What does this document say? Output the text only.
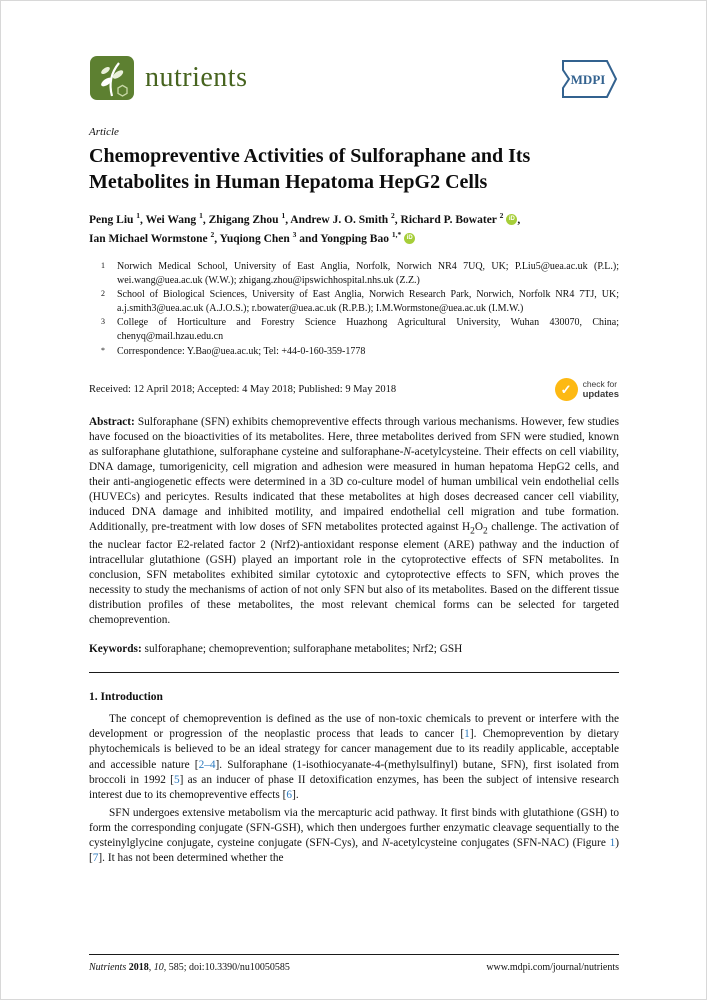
nutrients	MDPI
Article
Chemopreventive Activities of Sulforaphane and Its
Metabolites in Human Hepatoma HepG2 Cells
Peng Liu $^1$, Wei Wang $^1$, Zhigang Zhou $^1$, Andrew J. O. Smith $^2$, Richard P. Bowater $^2$ iD ,
Ian Michael Wormstone $^2$, Yuqiong Chen $^3$ and Yongping Bao $^{1,*}$ iD
1	Norwich Medical School, University of East Anglia, Norfolk, Norwich NR4 7UQ, UK; P.Liu5@uea.ac.uk (P.L.); wei.wang@uea.ac.uk (W.W.); zhigang.zhou@ipswichhospital.nhs.uk (Z.Z.)
2	School of Biological Sciences, University of East Anglia, Norwich Research Park, Norwich, Norfolk NR4 7TJ, UK; a.j.smith3@uea.ac.uk (A.J.O.S.); r.bowater@uea.ac.uk (R.P.B.); I.M.Wormstone@uea.ac.uk (I.M.W.)
3	College of Horticulture and Forestry Science Huazhong Agricultural University, Wuhan 430070, China; chenyq@mail.hzau.edu.cn
*	Correspondence: Y.Bao@uea.ac.uk; Tel: +44-0-160-359-1778
Received: 12 April 2018; Accepted: 4 May 2018; Published: 9 May 2018	✓ check for
updates

Abstract: Sulforaphane (SFN) exhibits chemopreventive effects through various mechanisms. However, few studies have focused on the bioactivities of its metabolites. Here, three metabolites derived from SFN were studied, known as sulforaphane glutathione, sulforaphane cysteine and sulforaphane-N-acetylcysteine. Their effects on cell viability, DNA damage, tumorigenicity, cell migration and adhesion were measured in human hepatoma HepG2 cells, and their anti-angiogenetic effects were determined in a 3D co-culture model of human umbilical vein endothelial cells (HUVECs) and pericytes. Results indicated that these metabolites at high doses decreased cancer cell viability, induced DNA damage and inhibited motility, and impaired endothelial cell migration and tube formation. Additionally, pre-treatment with low doses of SFN metabolites protected against $H_2O_2$ challenge. The activation of the nuclear factor E2-related factor 2 (Nrf2)-antioxidant response element (ARE) pathway and the induction of intracellular glutathione (GSH) played an important role in the cytoprotective effects of SFN metabolites. In conclusion, SFN metabolites exhibited similar cytotoxic and cytoprotective effects to SFN, which proves the necessity to study the mechanisms of action of not only SFN but also of its metabolites. Based on the different tissue distribution profiles of these metabolites, the most relevant chemical forms can be selected for targeted chemoprevention.

Keywords: sulforaphane; chemoprevention; sulforaphane metabolites; Nrf2; GSH

1. Introduction

The concept of chemoprevention is defined as the use of non-toxic chemicals to prevent or interfere with the development or progression of the neoplastic process that leads to cancer [1]. Chemoprevention by dietary phytochemicals is believed to be an ideal strategy for cancer management due to its readily applicable, acceptable and accessible nature [2–4]. Sulforaphane (1-isothiocyanate-4-(methylsulfinyl) butane, SFN), first isolated from broccoli in 1992 [5] as an inducer of phase II detoxification enzymes, has been the subject of intensive research interest due to its chemopreventive effects [6].

SFN undergoes extensive metabolism via the mercapturic acid pathway. It first binds with glutathione (GSH) to form the corresponding conjugate (SFN-GSH), which then undergoes further enzymatic cleavage sequentially to the cysteinylglycine conjugate, cysteine conjugate (SFN-Cys), and N-acetylcysteine conjugates (SFN-NAC) (Figure 1) [7]. It has not been determined whether the

Nutrients 2018, 10, 585; doi:10.3390/nu10050585	www.mdpi.com/journal/nutrients
